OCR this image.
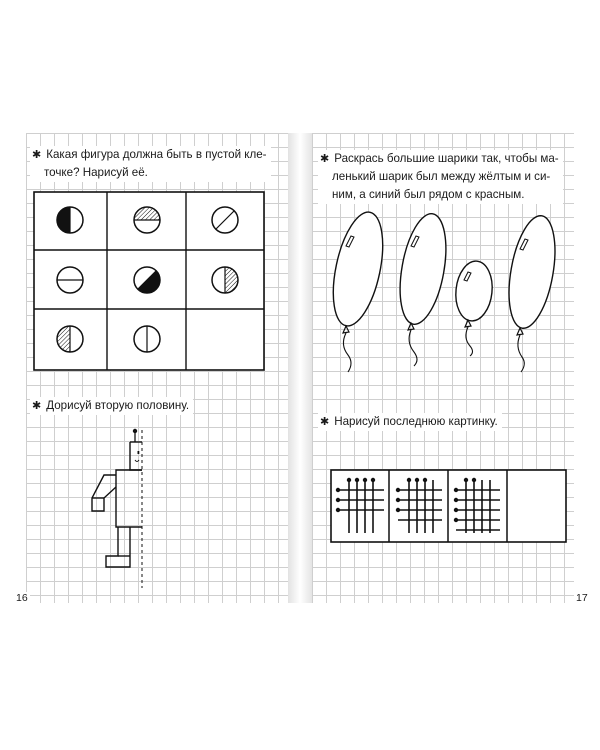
✱ Какая фигура должна быть в пустой кле-
точке? Нарисуй её.
✱ Дорисуй вторую половину.
16
✱ Раскрась большие шарики так, чтобы ма-
ленький шарик был между жёлтым и си-
ним, а синий был рядом с красным.
✱ Нарисуй последнюю картинку.
17
